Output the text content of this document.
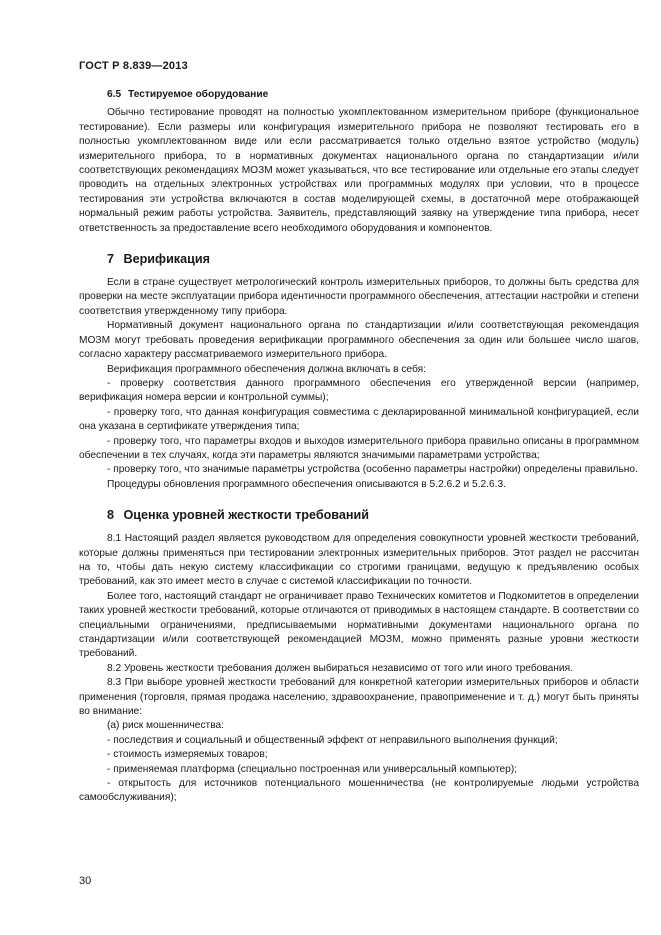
ГОСТ Р 8.839—2013
6.5 Тестируемое оборудование

Обычно тестирование проводят на полностью укомплектованном измерительном приборе (функциональное тестирование). Если размеры или конфигурация измерительного прибора не позволяют тестировать его в полностью укомплектованном виде или если рассматривается только отдельно взятое устройство (модуль) измерительного прибора, то в нормативных документах национального органа по стандартизации и/или соответствующих рекомендациях МОЗМ может указываться, что все тестирование или отдельные его этапы следует проводить на отдельных электронных устройствах или программных модулях при условии, что в процессе тестирования эти устройства включаются в состав моделирующей схемы, в достаточной мере отображающей нормальный режим работы устройства. Заявитель, представляющий заявку на утверждение типа прибора, несет ответственность за предоставление всего необходимого оборудования и компонентов.

7 Верификация

Если в стране существует метрологический контроль измерительных приборов, то должны быть средства для проверки на месте эксплуатации прибора идентичности программного обеспечения, аттестации настройки и степени соответствия утвержденному типу прибора.

Нормативный документ национального органа по стандартизации и/или соответствующая рекомендация МОЗМ могут требовать проведения верификации программного обеспечения за один или большее число шагов, согласно характеру рассматриваемого измерительного прибора.

Верификация программного обеспечения должна включать в себя:

- проверку соответствия данного программного обеспечения его утвержденной версии (например, верификация номера версии и контрольной суммы);

- проверку того, что данная конфигурация совместима с декларированной минимальной конфигурацией, если она указана в сертификате утверждения типа;

- проверку того, что параметры входов и выходов измерительного прибора правильно описаны в программном обеспечении в тех случаях, когда эти параметры являются значимыми параметрами устройства;

- проверку того, что значимые параметры устройства (особенно параметры настройки) определены правильно.

Процедуры обновления программного обеспечения описываются в 5.2.6.2 и 5.2.6.3.

8 Оценка уровней жесткости требований

8.1 Настоящий раздел является руководством для определения совокупности уровней жесткости требований, которые должны применяться при тестировании электронных измерительных приборов. Этот раздел не рассчитан на то, чтобы дать некую систему классификации со строгими границами, ведущую к предъявлению особых требований, как это имеет место в случае с системой классификации по точности.

Более того, настоящий стандарт не ограничивает право Технических комитетов и Подкомитетов в определении таких уровней жесткости требований, которые отличаются от приводимых в настоящем стандарте. В соответствии со специальными ограничениями, предписываемыми нормативными документами национального органа по стандартизации и/или соответствующей рекомендацией МОЗМ, можно применять разные уровни жесткости требований.

8.2 Уровень жесткости требования должен выбираться независимо от того или иного требования.

8.3 При выборе уровней жесткости требований для конкретной категории измерительных приборов и области применения (торговля, прямая продажа населению, здравоохранение, правоприменение и т. д.) могут быть приняты во внимание:

(a) риск мошенничества:

- последствия и социальный и общественный эффект от неправильного выполнения функций;

- стоимость измеряемых товаров;

- применяемая платформа (специально построенная или универсальный компьютер);

- открытость для источников потенциального мошенничества (не контролируемые людьми устройства самообслуживания);

30
